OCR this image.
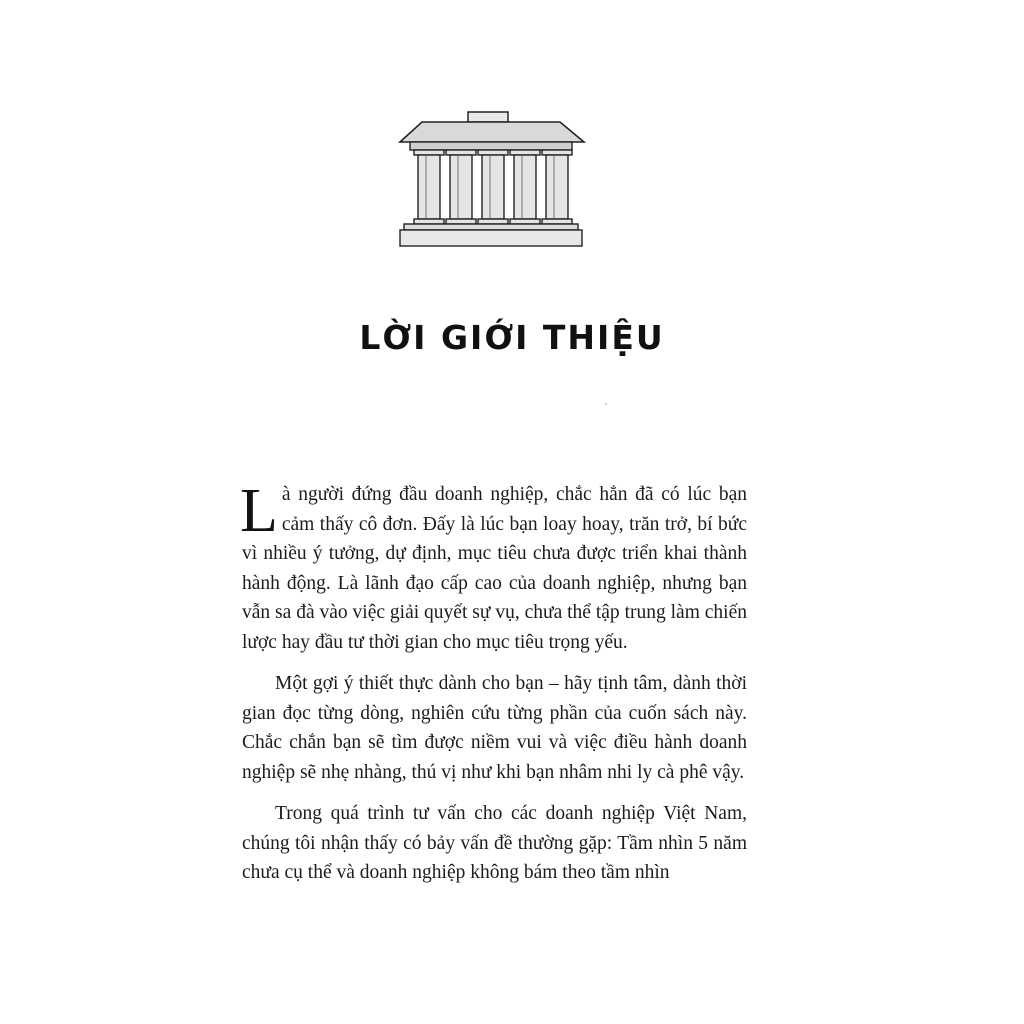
LỜI GIỚI THIỆU

Là người đứng đầu doanh nghiệp, chắc hẳn đã có lúc bạn cảm thấy cô đơn. Đấy là lúc bạn loay hoay, trăn trở, bí bức vì nhiều ý tưởng, dự định, mục tiêu chưa được triển khai thành hành động. Là lãnh đạo cấp cao của doanh nghiệp, nhưng bạn vẫn sa đà vào việc giải quyết sự vụ, chưa thể tập trung làm chiến lược hay đầu tư thời gian cho mục tiêu trọng yếu.

Một gợi ý thiết thực dành cho bạn – hãy tịnh tâm, dành thời gian đọc từng dòng, nghiên cứu từng phần của cuốn sách này. Chắc chắn bạn sẽ tìm được niềm vui và việc điều hành doanh nghiệp sẽ nhẹ nhàng, thú vị như khi bạn nhâm nhi ly cà phê vậy.

Trong quá trình tư vấn cho các doanh nghiệp Việt Nam, chúng tôi nhận thấy có bảy vấn đề thường gặp: Tầm nhìn 5 năm chưa cụ thể và doanh nghiệp không bám theo tầm nhìn
